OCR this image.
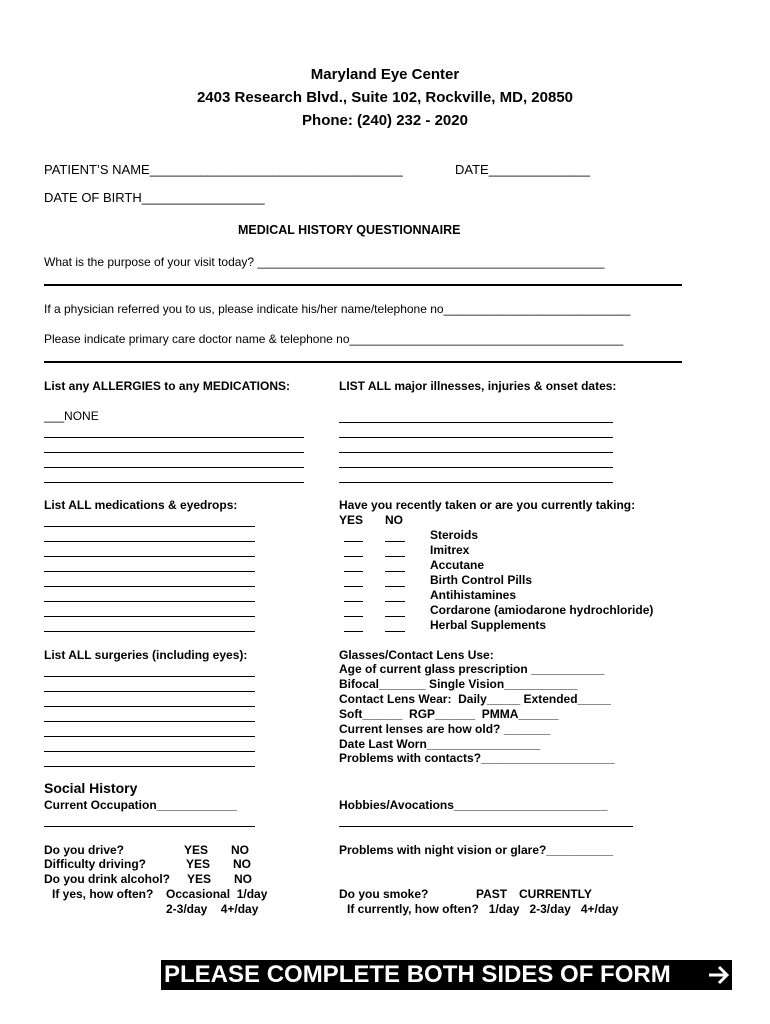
Maryland Eye Center
2403 Research Blvd., Suite 102, Rockville, MD, 20850
Phone: (240) 232 - 2020
PATIENT’S NAME___________________________________	DATE______________
DATE OF BIRTH_________________
MEDICAL HISTORY QUESTIONNAIRE
What is the purpose of your visit today? ____________________________________________________
If a physician referred you to us, please indicate his/her name/telephone no____________________________
Please indicate primary care doctor name & telephone no_________________________________________
List any ALLERGIES to any MEDICATIONS:	LIST ALL major illnesses, injuries & onset dates:
___NONE
List ALL medications & eyedrops:	Have you recently taken or are you currently taking:
YES NO
Steroids
Imitrex
Accutane
Birth Control Pills
Antihistamines
Cordarone (amiodarone hydrochloride)
Herbal Supplements
List ALL surgeries (including eyes):	Glasses/Contact Lens Use:
Age of current glass prescription ___________
Bifocal_______ Single Vision___________
Contact Lens Wear:  Daily_____ Extended_____
Soft______  RGP______  PMMA______
Current lenses are how old? _______
Date Last Worn_________________
Problems with contacts?____________________
Social History
Current Occupation____________	Hobbies/Avocations_______________________
Do you drive?	YES NO
Difficulty driving?	YES NO
Do you drink alcohol? YES NO
If yes, how often? Occasional  1/day
2-3/day    4+/day
Problems with night vision or glare?__________
Do you smoke?	PAST CURRENTLY
If currently, how often?   1/day   2-3/day   4+/day
PLEASE COMPLETE BOTH SIDES OF FORM
